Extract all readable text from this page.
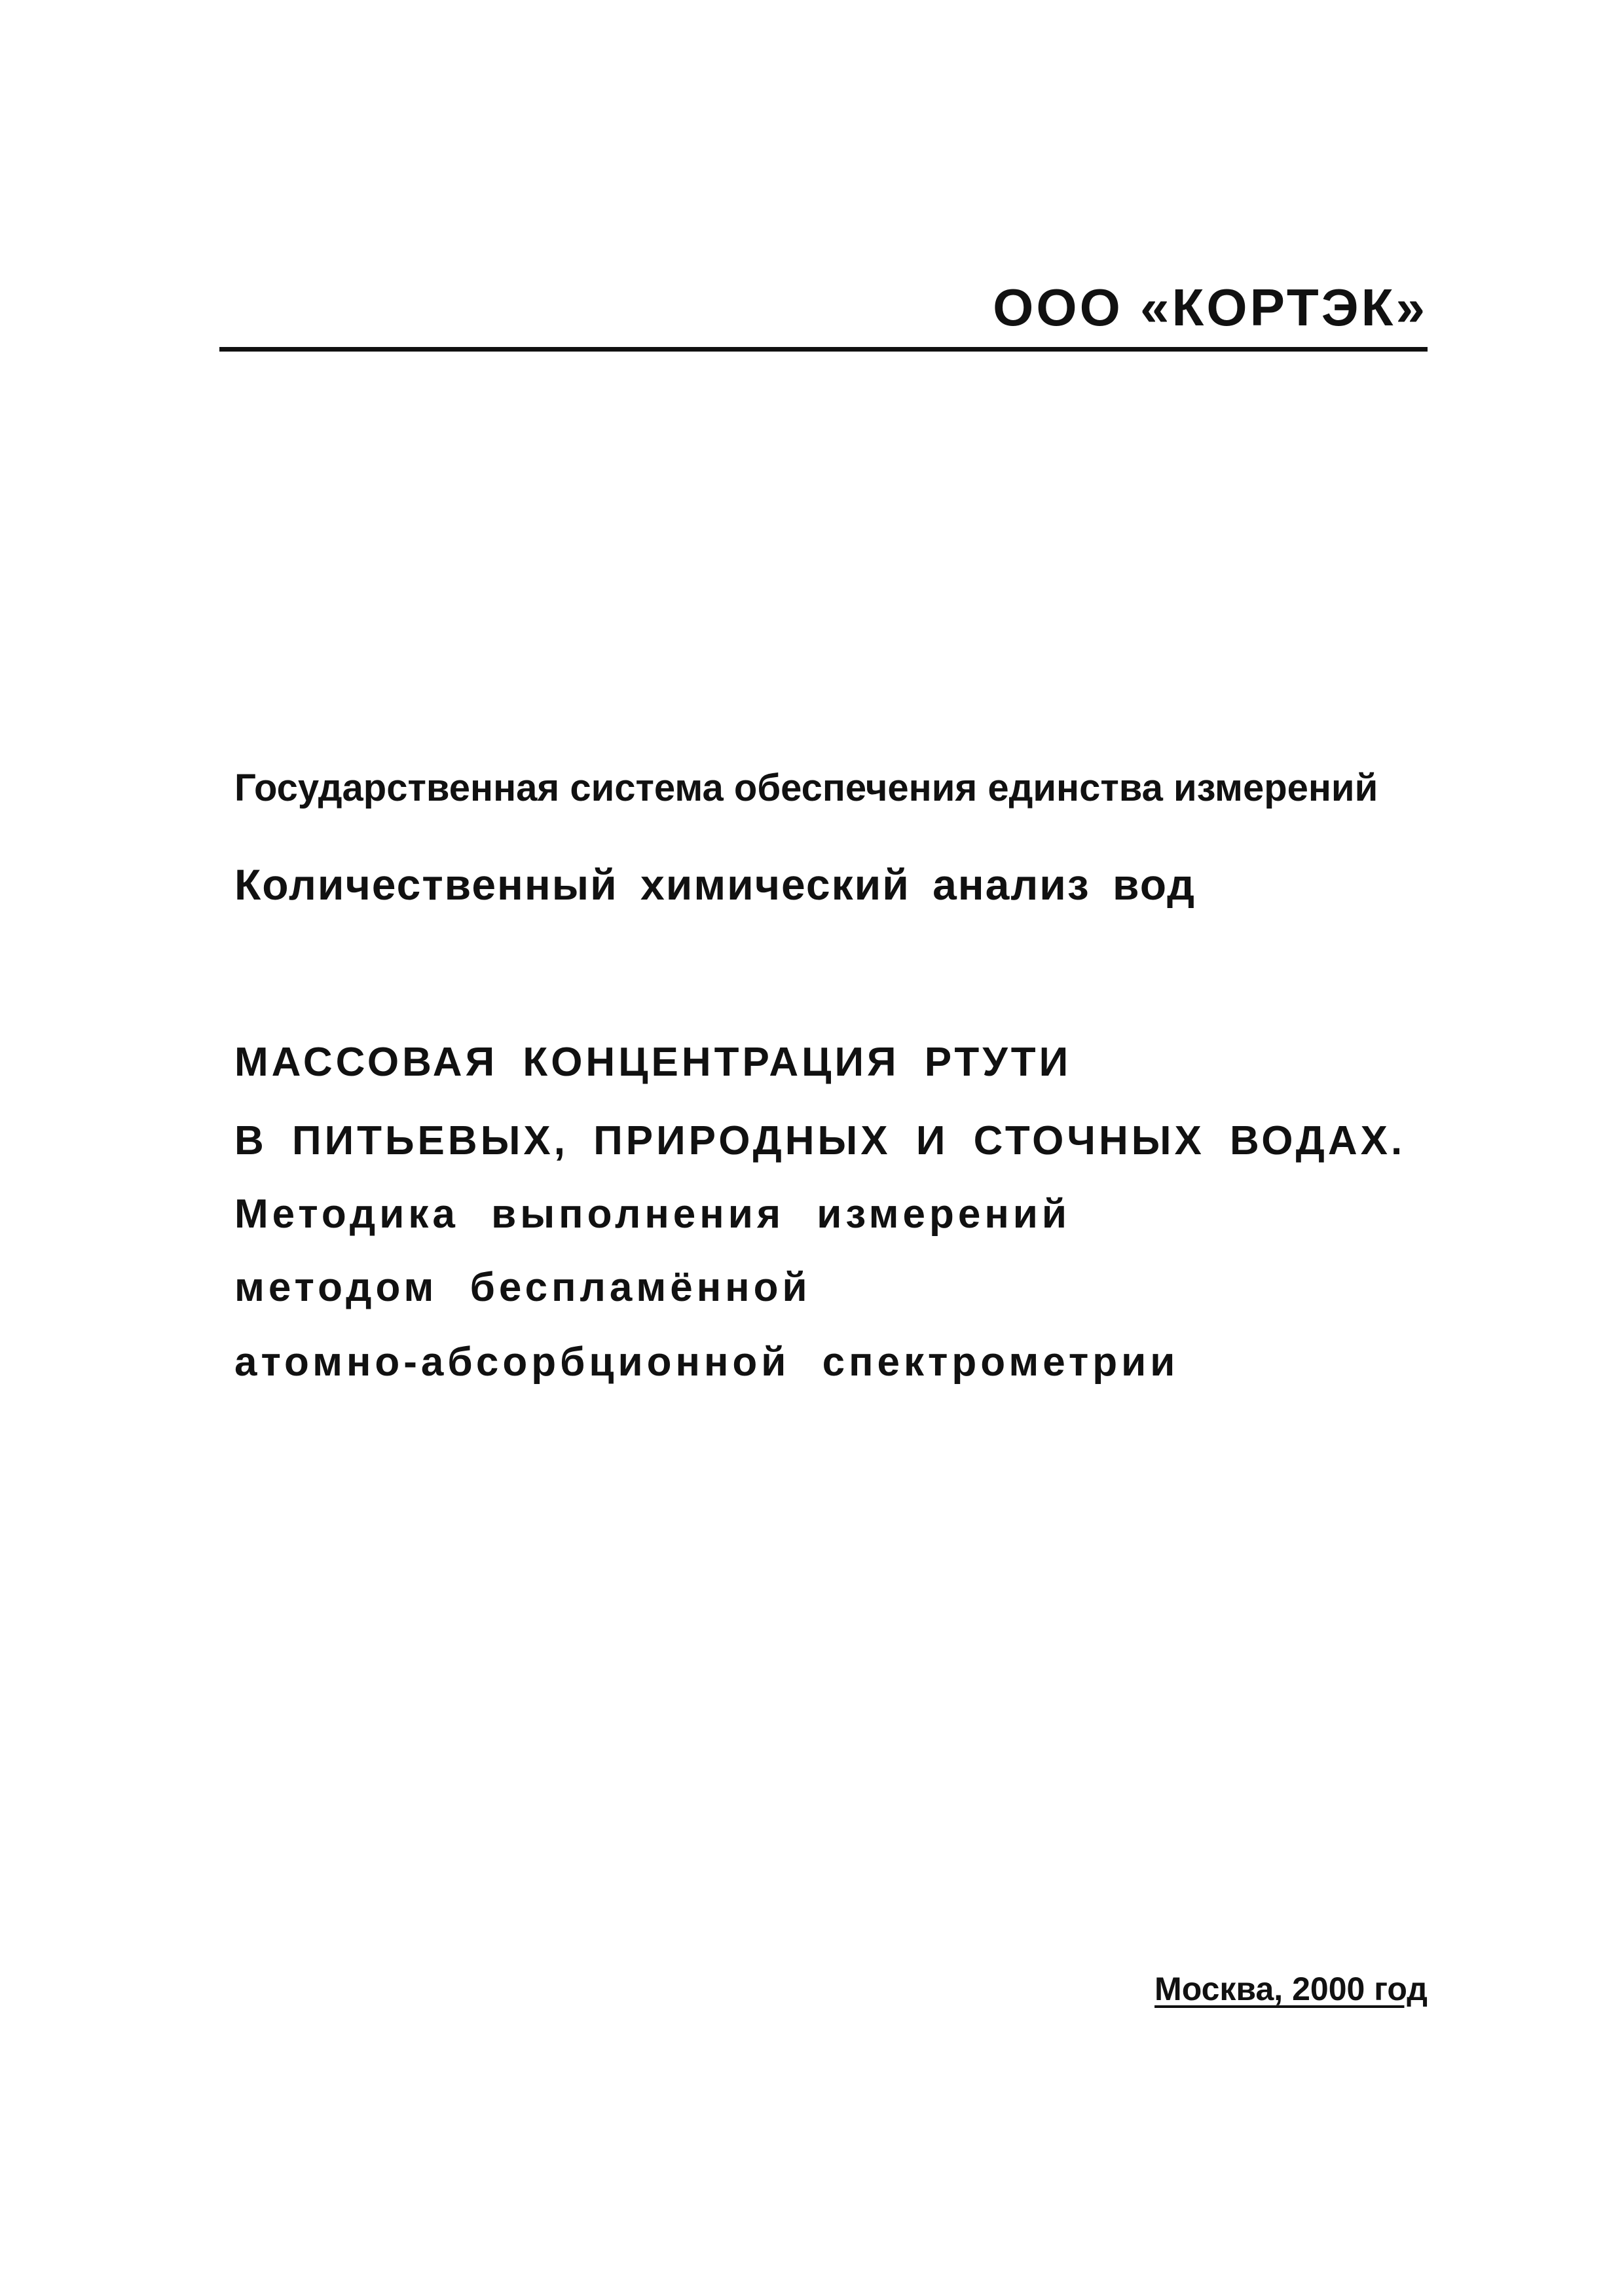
ООО «КОРТЭК»
Государственная система обеспечения единства измерений
Количественный химический анализ вод
МАССОВАЯ КОНЦЕНТРАЦИЯ РТУТИ
В ПИТЬЕВЫХ, ПРИРОДНЫХ И СТОЧНЫХ ВОДАХ.
Методика выполнения измерений
методом беспламённой
атомно-абсорбционной спектрометрии
Москва, 2000 год
